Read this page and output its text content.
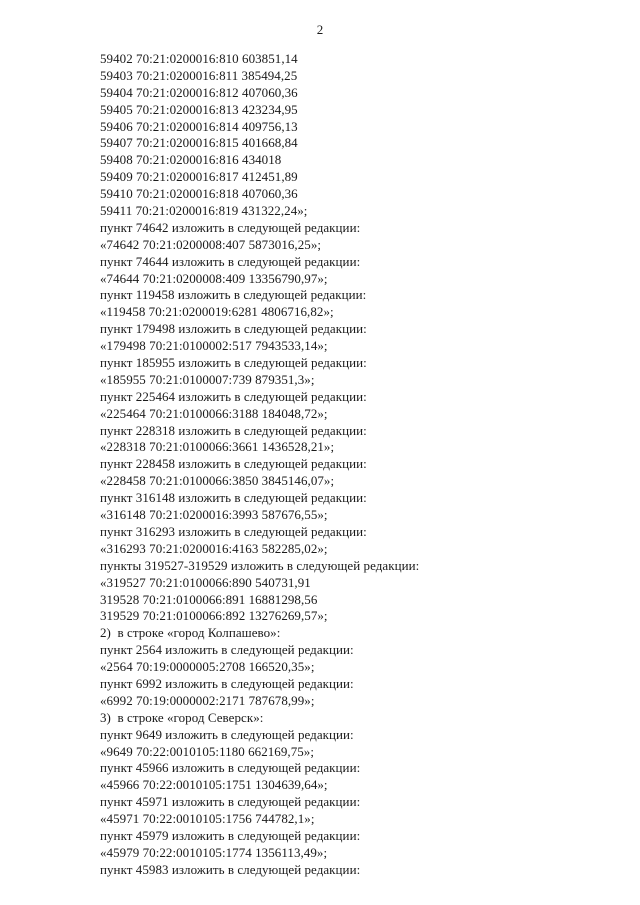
2
59402 70:21:0200016:810 603851,14
59403 70:21:0200016:811 385494,25
59404 70:21:0200016:812 407060,36
59405 70:21:0200016:813 423234,95
59406 70:21:0200016:814 409756,13
59407 70:21:0200016:815 401668,84
59408 70:21:0200016:816 434018
59409 70:21:0200016:817 412451,89
59410 70:21:0200016:818 407060,36
59411 70:21:0200016:819 431322,24»;
пункт 74642 изложить в следующей редакции:
«74642 70:21:0200008:407 5873016,25»;
пункт 74644 изложить в следующей редакции:
«74644 70:21:0200008:409 13356790,97»;
пункт 119458 изложить в следующей редакции:
«119458 70:21:0200019:6281 4806716,82»;
пункт 179498 изложить в следующей редакции:
«179498 70:21:0100002:517 7943533,14»;
пункт 185955 изложить в следующей редакции:
«185955 70:21:0100007:739 879351,3»;
пункт 225464 изложить в следующей редакции:
«225464 70:21:0100066:3188 184048,72»;
пункт 228318 изложить в следующей редакции:
«228318 70:21:0100066:3661 1436528,21»;
пункт 228458 изложить в следующей редакции:
«228458 70:21:0100066:3850 3845146,07»;
пункт 316148 изложить в следующей редакции:
«316148 70:21:0200016:3993 587676,55»;
пункт 316293 изложить в следующей редакции:
«316293 70:21:0200016:4163 582285,02»;
пункты 319527-319529 изложить в следующей редакции:
«319527 70:21:0100066:890 540731,91
319528 70:21:0100066:891 16881298,56
319529 70:21:0100066:892 13276269,57»;
2)  в строке «город Колпашево»:
пункт 2564 изложить в следующей редакции:
«2564 70:19:0000005:2708 166520,35»;
пункт 6992 изложить в следующей редакции:
«6992 70:19:0000002:2171 787678,99»;
3)  в строке «город Северск»:
пункт 9649 изложить в следующей редакции:
«9649 70:22:0010105:1180 662169,75»;
пункт 45966 изложить в следующей редакции:
«45966 70:22:0010105:1751 1304639,64»;
пункт 45971 изложить в следующей редакции:
«45971 70:22:0010105:1756 744782,1»;
пункт 45979 изложить в следующей редакции:
«45979 70:22:0010105:1774 1356113,49»;
пункт 45983 изложить в следующей редакции:
